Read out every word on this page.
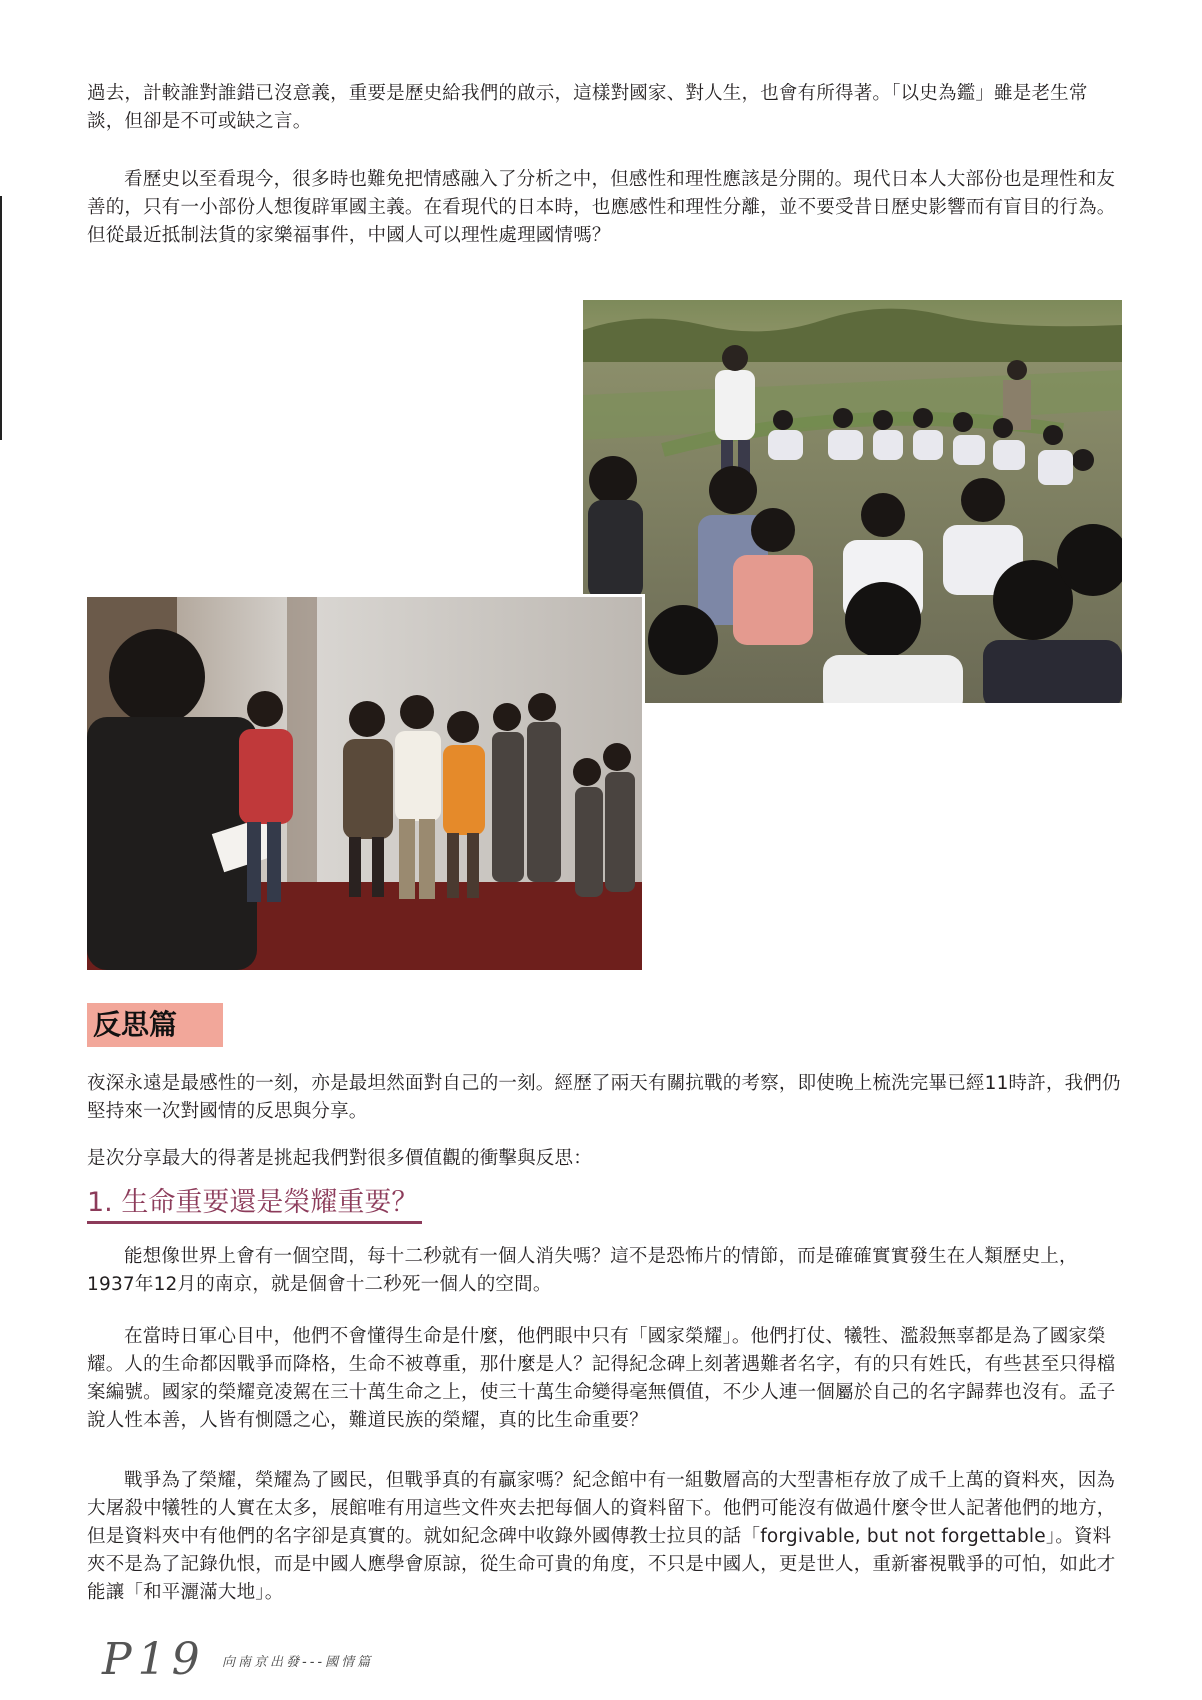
過去，計較誰對誰錯已沒意義，重要是歷史給我們的啟示，這樣對國家、對人生，也會有所得著。「以史為鑑」雖是老生常談，但卻是不可或缺之言。

看歷史以至看現今，很多時也難免把情感融入了分析之中，但感性和理性應該是分開的。現代日本人大部份也是理性和友善的，只有一小部份人想復辟軍國主義。在看現代的日本時，也應感性和理性分離，並不要受昔日歷史影響而有盲目的行為。但從最近抵制法貨的家樂福事件，中國人可以理性處理國情嗎？

反思篇

夜深永遠是最感性的一刻，亦是最坦然面對自己的一刻。經歷了兩天有關抗戰的考察，即使晚上梳洗完畢已經11時許，我們仍堅持來一次對國情的反思與分享。

是次分享最大的得著是挑起我們對很多價值觀的衝擊與反思：

1. 生命重要還是榮耀重要？

能想像世界上會有一個空間，每十二秒就有一個人消失嗎？這不是恐怖片的情節，而是確確實實發生在人類歷史上，1937年12月的南京，就是個會十二秒死一個人的空間。

在當時日軍心目中，他們不會懂得生命是什麼，他們眼中只有「國家榮耀」。他們打仗、犧牲、濫殺無辜都是為了國家榮耀。人的生命都因戰爭而降格，生命不被尊重，那什麼是人？記得紀念碑上刻著遇難者名字，有的只有姓氏，有些甚至只得檔案編號。國家的榮耀竟凌駕在三十萬生命之上，使三十萬生命變得毫無價值，不少人連一個屬於自己的名字歸葬也沒有。孟子說人性本善，人皆有惻隱之心，難道民族的榮耀，真的比生命重要？

戰爭為了榮耀，榮耀為了國民，但戰爭真的有贏家嗎？紀念館中有一組數層高的大型書柜存放了成千上萬的資料夾，因為大屠殺中犧牲的人實在太多，展館唯有用這些文件夾去把每個人的資料留下。他們可能沒有做過什麼令世人記著他們的地方，但是資料夾中有他們的名字卻是真實的。就如紀念碑中收錄外國傳教士拉貝的話「forgivable, but not forgettable」。資料夾不是為了記錄仇恨，而是中國人應學會原諒，從生命可貴的角度，不只是中國人，更是世人，重新審視戰爭的可怕，如此才能讓「和平灑滿大地」。

P19 向南京出發---國情篇
